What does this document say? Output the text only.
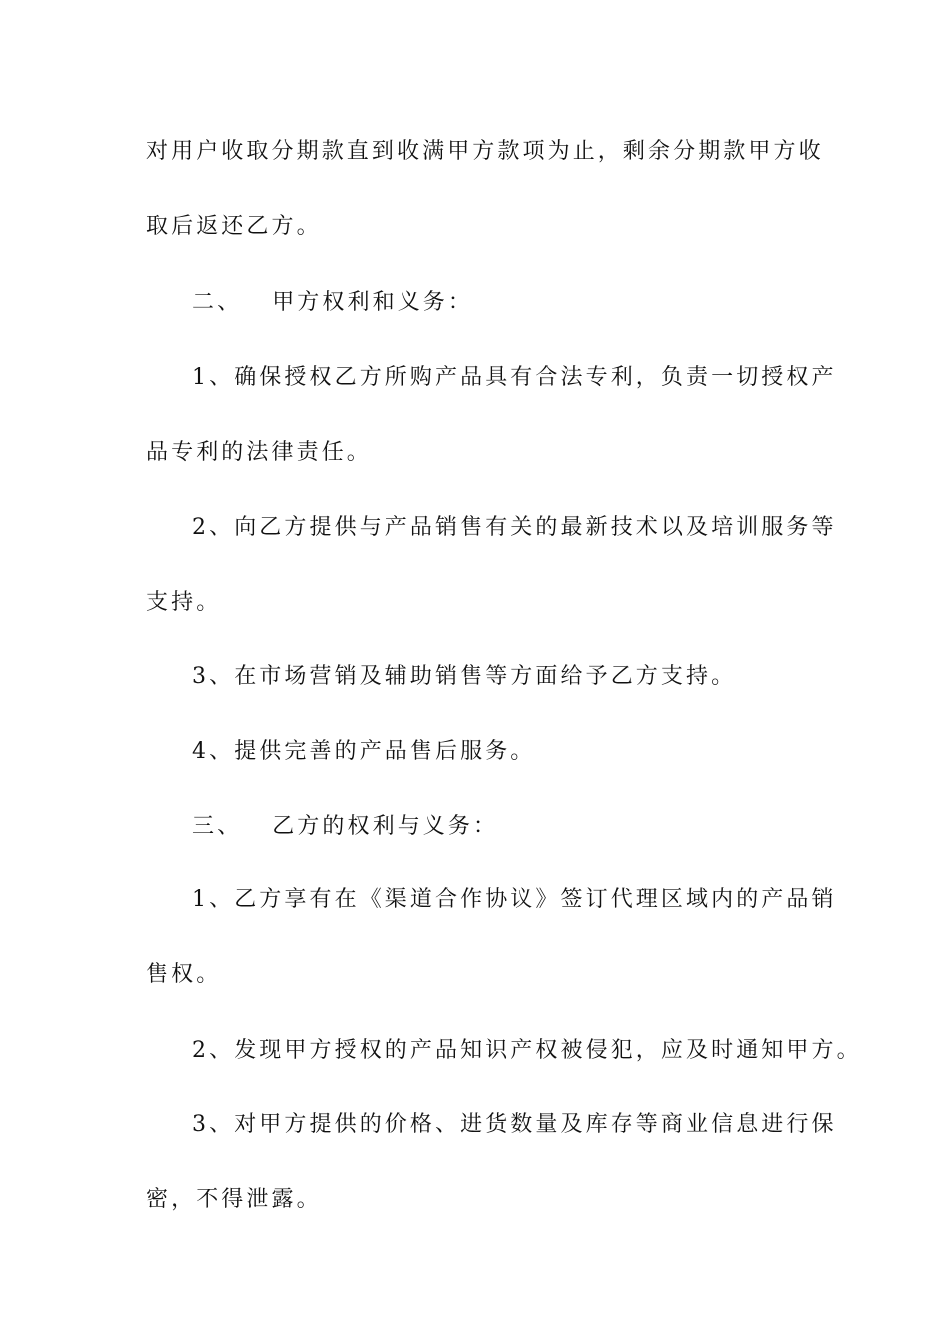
对用户收取分期款直到收满甲方款项为止，剩余分期款甲方收

取后返还乙方。

二、 甲方权利和义务：

1、确保授权乙方所购产品具有合法专利，负责一切授权产

品专利的法律责任。

2、向乙方提供与产品销售有关的最新技术以及培训服务等

支持。

3、在市场营销及辅助销售等方面给予乙方支持。

4、提供完善的产品售后服务。

三、 乙方的权利与义务：

1、乙方享有在《渠道合作协议》签订代理区域内的产品销

售权。

2、发现甲方授权的产品知识产权被侵犯，应及时通知甲方。

3、对甲方提供的价格、进货数量及库存等商业信息进行保

密，不得泄露。
